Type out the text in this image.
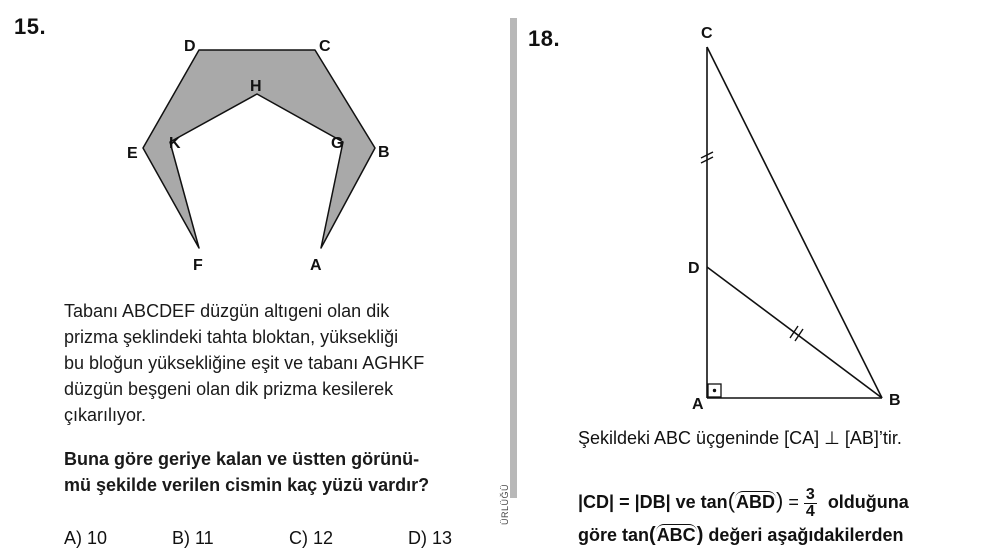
15.
D	C
H
E
K	G
B
F	A
Tabanı ABCDEF düzgün altıgeni olan dik
prizma şeklindeki tahta bloktan, yüksekliği
bu bloğun yüksekliğine eşit ve tabanı AGHKF
düzgün beşgeni olan dik prizma kesilerek
çıkarılıyor.
Buna göre geriye kalan ve üstten görünü-
mü şekilde verilen cismin kaç yüzü vardır?
A) 10	B) 11	C) 12	D) 13
ÜRLÜĞÜ
18.	C
D
A	B
Şekildeki ABC üçgeninde [CA] ⊥ [AB]’tir.
|CD| = |DB| ve $\tan(ABD) = \frac{3}{4}$ olduğuna
göre tan(ABC) değeri aşağıdakilerden
